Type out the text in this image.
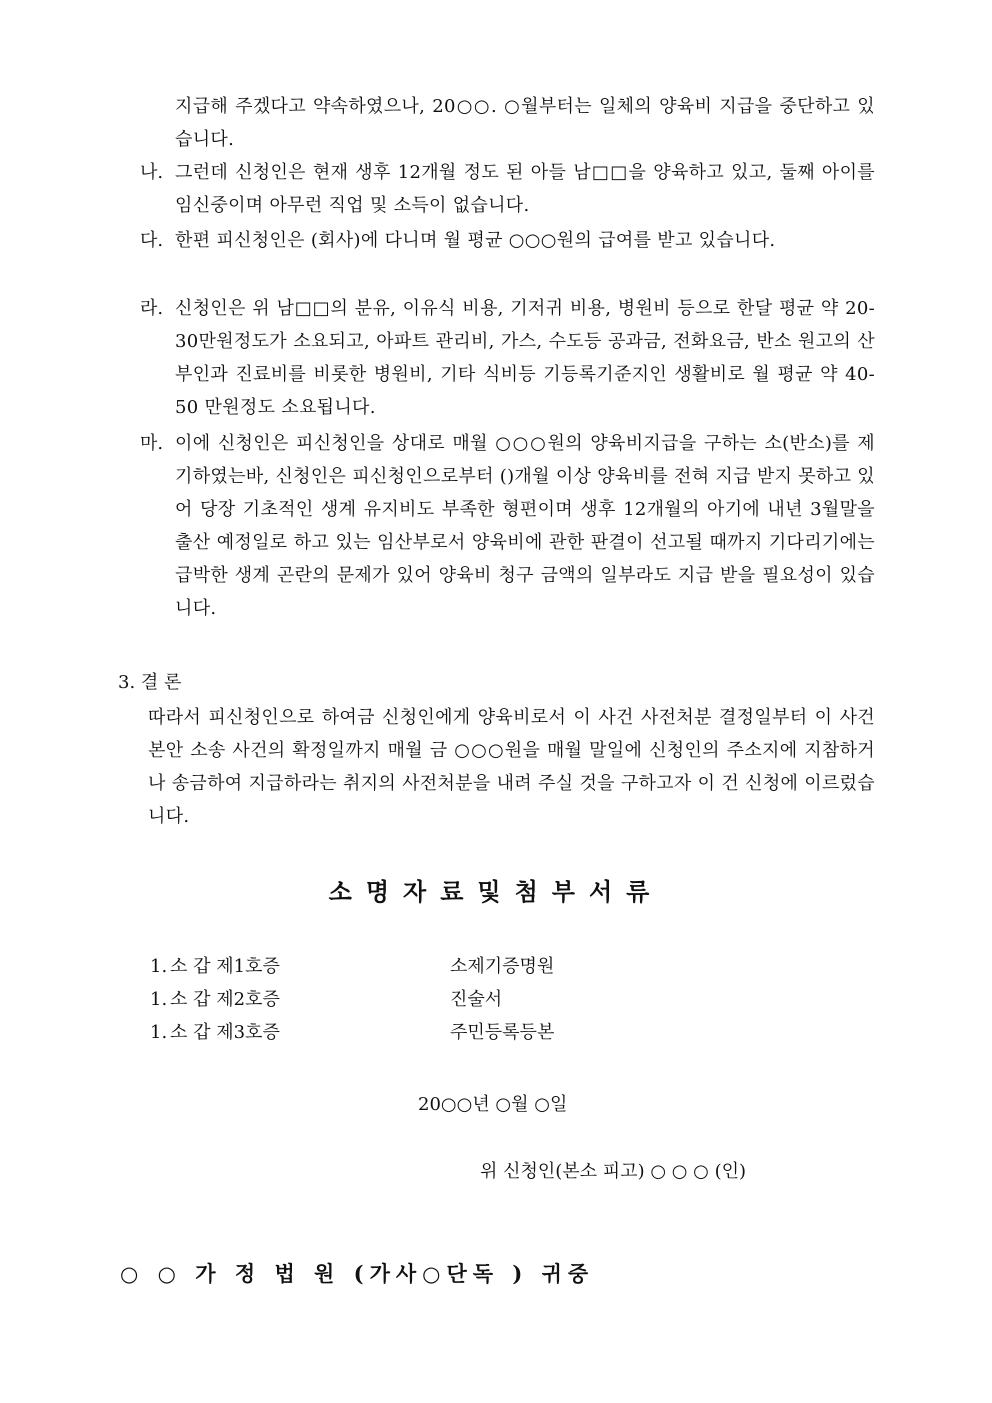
지급해 주겠다고 약속하였으나, 20○○. ○월부터는 일체의 양육비 지급을 중단하고 있습니다.
나. 그런데 신청인은 현재 생후 12개월 정도 된 아들 남□□을 양육하고 있고, 둘째 아이를 임신중이며 아무런 직업 및 소득이 없습니다.
다. 한편 피신청인은 (회사)에 다니며 월 평균 ○○○원의 급여를 받고 있습니다.
라. 신청인은 위 남□□의 분유, 이유식 비용, 기저귀 비용, 병원비 등으로 한달 평균 약 20-30만원정도가 소요되고, 아파트 관리비, 가스, 수도등 공과금, 전화요금, 반소 원고의 산부인과 진료비를 비롯한 병원비, 기타 식비등 기등록기준지인 생활비로 월 평균 약 40-50 만원정도 소요됩니다.
마. 이에 신청인은 피신청인을 상대로 매월 ○○○원의 양육비지급을 구하는 소(반소)를 제기하였는바, 신청인은 피신청인으로부터 ()개월 이상 양육비를 전혀 지급 받지 못하고 있어 당장 기초적인 생계 유지비도 부족한 형편이며 생후 12개월의 아기에 내년 3월말을 출산 예정일로 하고 있는 임산부로서 양육비에 관한 판결이 선고될 때까지 기다리기에는 급박한 생계 곤란의 문제가 있어 양육비 청구 금액의 일부라도 지급 받을 필요성이 있습니다.
3. 결 론
따라서 피신청인으로 하여금 신청인에게 양육비로서 이 사건 사전처분 결정일부터 이 사건 본안 소송 사건의 확정일까지 매월 금 ○○○원을 매월 말일에 신청인의 주소지에 지참하거나 송금하여 지급하라는 취지의 사전처분을 내려 주실 것을 구하고자 이 건 신청에 이르렀습니다.
소명자료및첨부서류
1. 소 갑 제1호증	소제기증명원
1. 소 갑 제2호증	진술서
1. 소 갑 제3호증	주민등록등본
20○○년 ○월 ○일
위 신청인(본소 피고) ○ ○ ○ (인)
○ ○ 가 정 법 원 (가사○단독 ) 귀중
